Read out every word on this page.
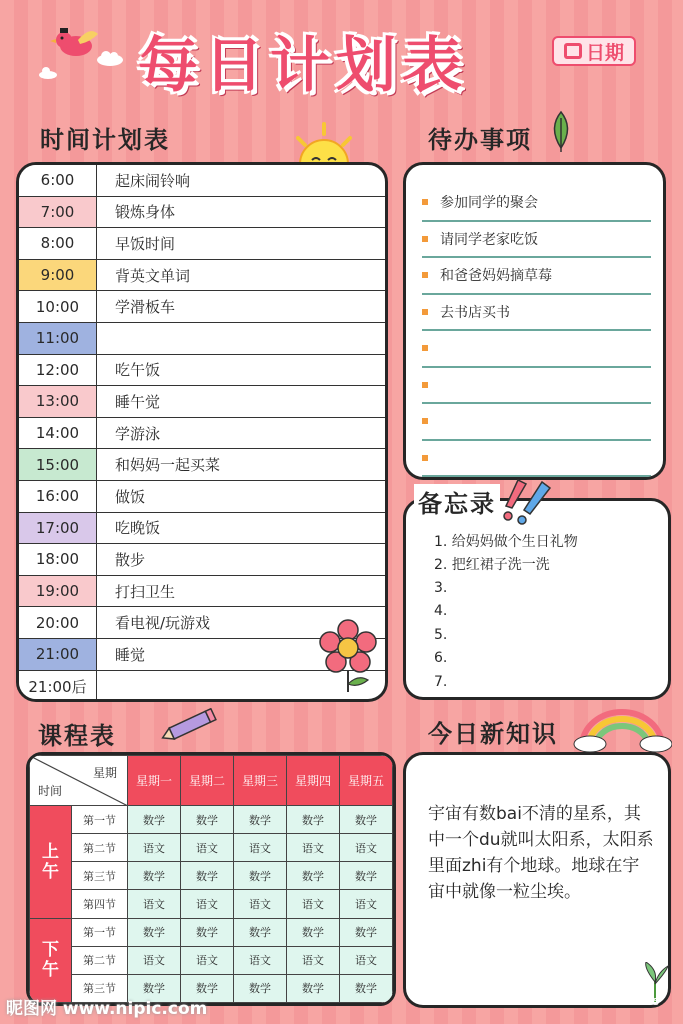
每日计划表	日期
时间计划表	待办事项
课程表	今日新知识
6:00	起床闹铃响
7:00	锻炼身体
8:00	早饭时间
9:00	背英文单词
10:00	学滑板车
11:00
12:00	吃午饭
13:00	睡午觉
14:00	学游泳
15:00	和妈妈一起买菜
16:00	做饭
17:00	吃晚饭
18:00	散步
19:00	打扫卫生
20:00	看电视/玩游戏
21:00	睡觉
21:00后
参加同学的聚会
请同学老家吃饭
和爸爸妈妈摘草莓
去书店买书
1. 给妈妈做个生日礼物
2. 把红裙子洗一洗
3.
4.
5.
6.
7.
备忘录
宇宙有数bai不清的星系，其中一个du就叫太阳系，太阳系里面zhi有个地球。地球在宇宙中就像一粒尘埃。
星期
时间		星期一	星期二	星期三	星期四	星期五
上午	第一节	数学	数学	数学	数学	数学
	第二节	语文	语文	语文	语文	语文
	第三节	数学	数学	数学	数学	数学
	第四节	语文	语文	语文	语文	语文
下午	第一节	数学	数学	数学	数学	数学
	第二节	语文	语文	语文	语文	语文
	第三节	数学	数学	数学	数学	数学
昵图网 www.nipic.com	ID:3509713 NO:20210705173207307105
